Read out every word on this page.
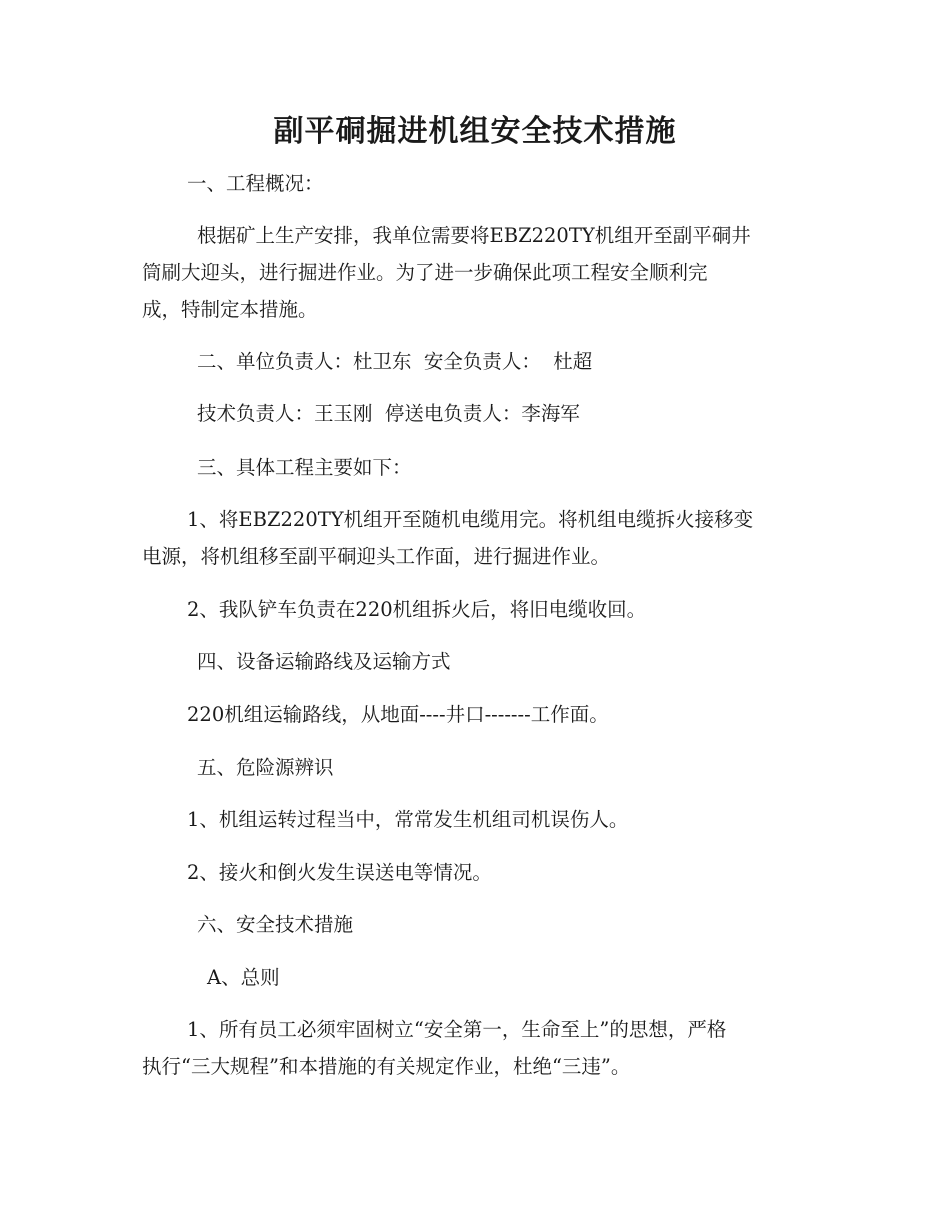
副平硐掘进机组安全技术措施

一、工程概况：

根据矿上生产安排，我单位需要将EBZ220TY机组开至副平硐井

筒刷大迎头，进行掘进作业。为了进一步确保此项工程安全顺利完

成，特制定本措施。

二、单位负责人：杜卫东  安全负责人：  杜超

技术负责人：王玉刚  停送电负责人：李海军

三、具体工程主要如下：

1、将EBZ220TY机组开至随机电缆用完。将机组电缆拆火接移变

电源，将机组移至副平硐迎头工作面，进行掘进作业。

2、我队铲车负责在220机组拆火后，将旧电缆收回。

四、设备运输路线及运输方式

220机组运输路线，从地面----井口-------工作面。

五、危险源辨识

1、机组运转过程当中，常常发生机组司机误伤人。

2、接火和倒火发生误送电等情况。

六、安全技术措施

A、总则

1、所有员工必须牢固树立“安全第一，生命至上”的思想，严格

执行“三大规程”和本措施的有关规定作业，杜绝“三违”。
